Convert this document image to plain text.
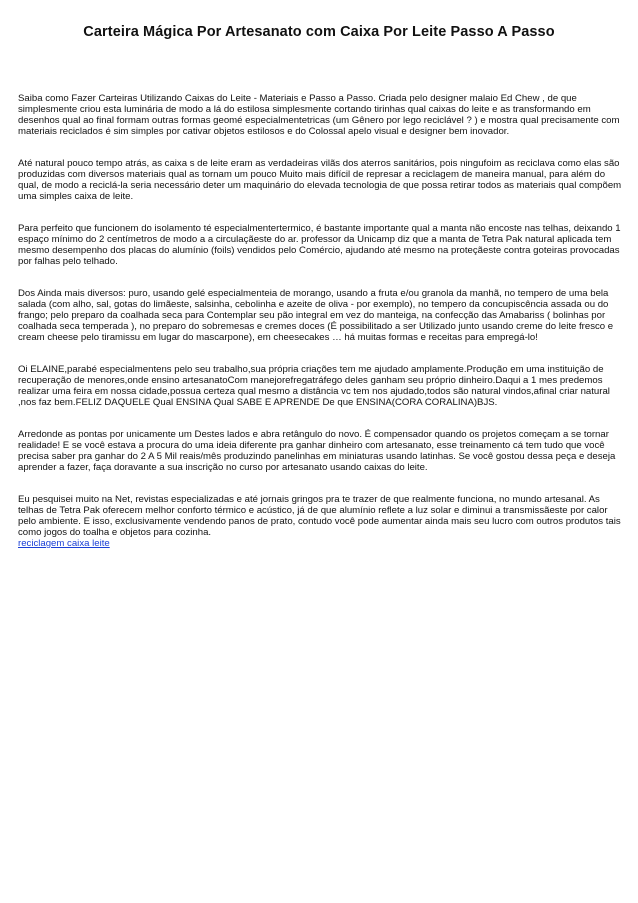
Carteira Mágica Por Artesanato com Caixa Por Leite Passo A Passo

Saiba como Fazer Carteiras Utilizando Caixas do Leite - Materiais e Passo a Passo. Criada pelo designer malaio Ed Chew , de que simplesmente criou esta luminária de modo a lá do estilosa simplesmente cortando tirinhas qual caixas do leite e as transformando em desenhos qual ao final formam outras formas geomé especialmentetricas (um Gênero por lego reciclável ? ) e mostra qual precisamente com materiais reciclados é sim simples por cativar objetos estilosos e do Colossal apelo visual e designer bem inovador.

Até natural pouco tempo atrás, as caixa s de leite eram as verdadeiras vilãs dos aterros sanitários, pois ningufoim as reciclava como elas são produzidas com diversos materiais qual as tornam um pouco Muito mais difícil de represar a reciclagem de maneira manual, para além do qual, de modo a reciclá-la seria necessário deter um maquinário do elevada tecnologia de que possa retirar todos as materiais qual compõem uma simples caixa de leite.

Para perfeito que funcionem do isolamento té especialmentertermico, é bastante importante qual a manta não encoste nas telhas, deixando 1 espaço mínimo do 2 centímetros de modo a a circulaçãeste do ar. professor da Unicamp diz que a manta de Tetra Pak natural aplicada tem mesmo desempenho dos placas do alumínio (foils) vendidos pelo Comércio, ajudando até mesmo na proteçãeste contra goteiras provocadas por falhas pelo telhado.

Dos Ainda mais diversos: puro, usando gelé especialmenteia de morango, usando a fruta e/ou granola da manhã, no tempero de uma bela salada (com alho, sal, gotas do limãeste, salsinha, cebolinha e azeite de oliva - por exemplo), no tempero da concupiscência assada ou do frango; pelo preparo da coalhada seca para Contemplar seu pão integral em vez do manteiga, na confecção das Amabariss ( bolinhas por coalhada seca temperada ), no preparo do sobremesas e cremes doces (É possibilitado a ser Utilizado junto usando creme do leite fresco e cream cheese pelo tiramissu em lugar do mascarpone), em cheesecakes … há muitas formas e receitas para empregá-lo!

Oi ELAINE,parabé especialmentens pelo seu trabalho,sua própria criações tem me ajudado amplamente.Produção em uma instituição de recuperação de menores,onde ensino artesanatoCom manejorefregatráfego deles ganham seu próprio dinheiro.Daqui a 1 mes predemos realizar uma feira em nossa cidade,possua certeza qual mesmo a distância vc tem nos ajudado,todos são natural vindos,afinal criar natural ,nos faz bem.FELIZ DAQUELE Qual ENSINA Qual SABE E APRENDE De que ENSINA(CORA CORALINA)BJS.

Arredonde as pontas por unicamente um Destes lados e abra retângulo do novo. É compensador quando os projetos começam a se tornar realidade! E se você estava a procura do uma ideia diferente pra ganhar dinheiro com artesanato, esse treinamento cá tem tudo que você precisa saber pra ganhar do 2 A 5 Mil reais/mês produzindo panelinhas em miniaturas usando latinhas. Se você gostou dessa peça e deseja aprender a fazer, faça doravante a sua inscrição no curso por artesanato usando caixas do leite.

Eu pesquisei muito na Net, revistas especializadas e até jornais gringos pra te trazer de que realmente funciona, no mundo artesanal. As telhas de Tetra Pak oferecem melhor conforto térmico e acústico, já de que alumínio reflete a luz solar e diminui a transmissãeste por calor pelo ambiente. E isso, exclusivamente vendendo panos de prato, contudo você pode aumentar ainda mais seu lucro com outros produtos tais como jogos do toalha e objetos para cozinha.

reciclagem caixa leite
